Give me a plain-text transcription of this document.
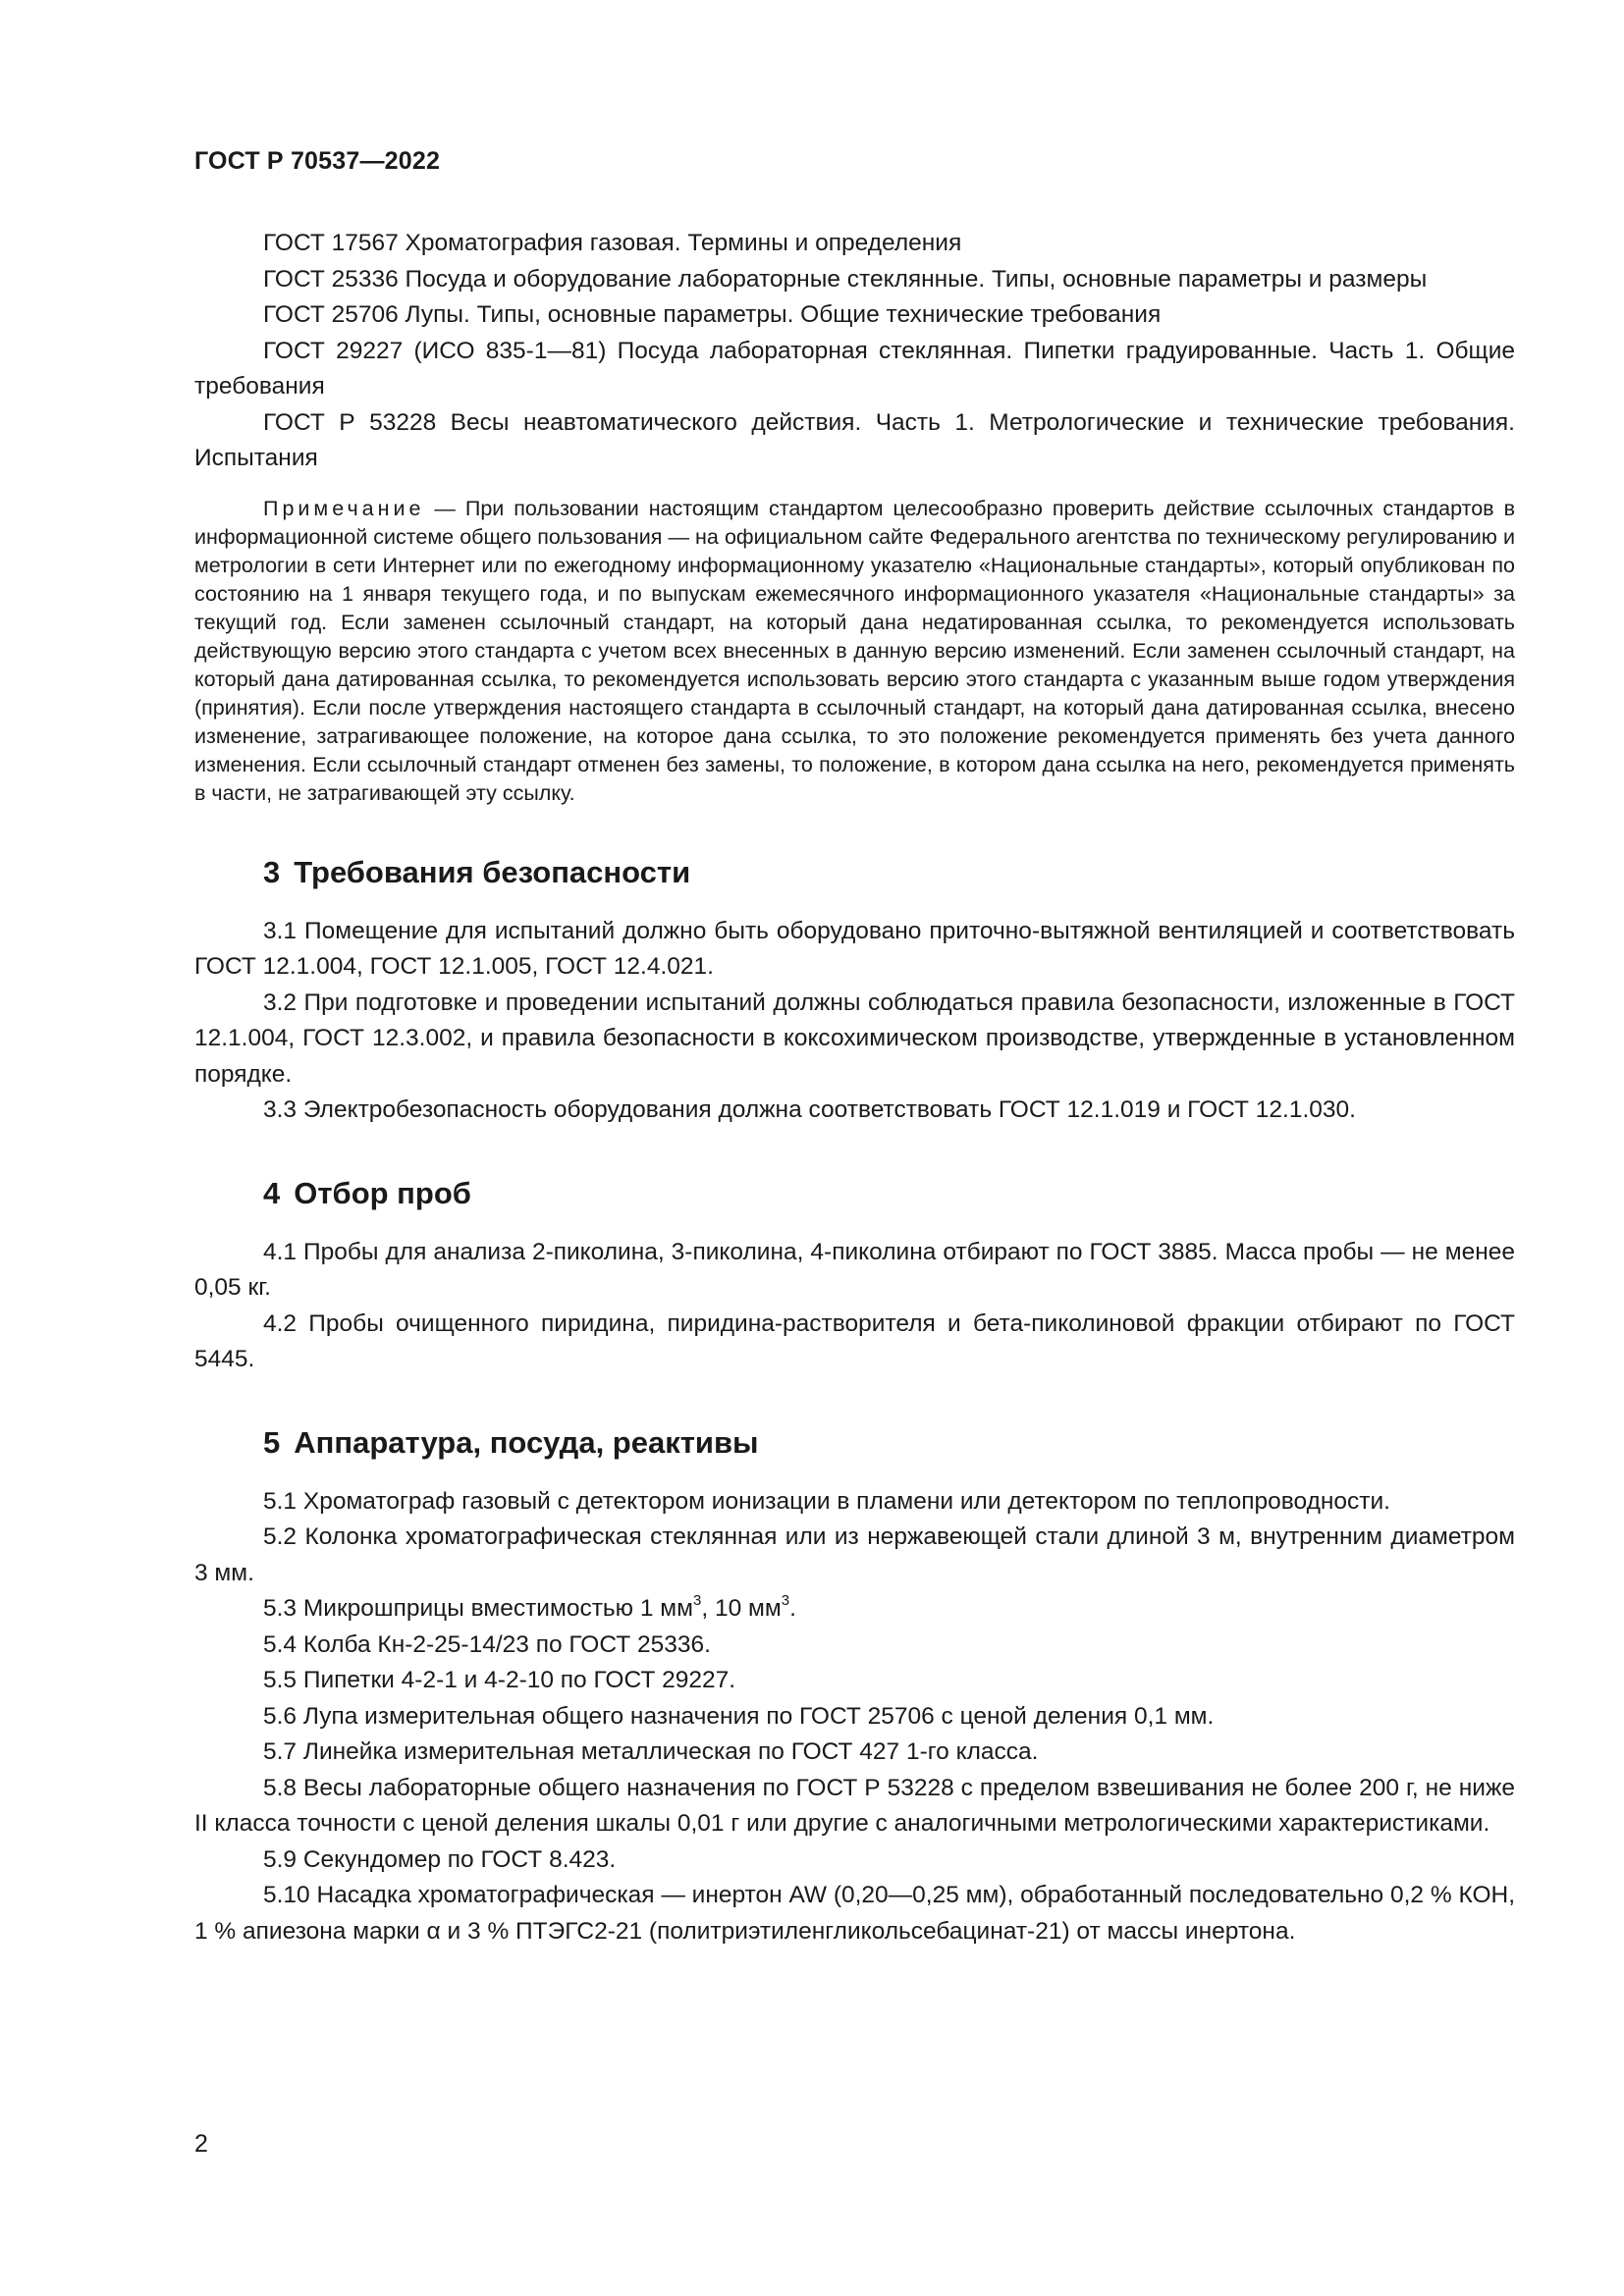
ГОСТ Р 70537—2022

ГОСТ 17567 Хроматография газовая. Термины и определения

ГОСТ 25336 Посуда и оборудование лабораторные стеклянные. Типы, основные параметры и размеры

ГОСТ 25706 Лупы. Типы, основные параметры. Общие технические требования

ГОСТ 29227 (ИСО 835-1—81) Посуда лабораторная стеклянная. Пипетки градуированные. Часть 1. Общие требования

ГОСТ Р 53228 Весы неавтоматического действия. Часть 1. Метрологические и технические требования. Испытания

Примечание — При пользовании настоящим стандартом целесообразно проверить действие ссылочных стандартов в информационной системе общего пользования — на официальном сайте Федерального агентства по техническому регулированию и метрологии в сети Интернет или по ежегодному информационному указателю «Национальные стандарты», который опубликован по состоянию на 1 января текущего года, и по выпускам ежемесячного информационного указателя «Национальные стандарты» за текущий год. Если заменен ссылочный стандарт, на который дана недатированная ссылка, то рекомендуется использовать действующую версию этого стандарта с учетом всех внесенных в данную версию изменений. Если заменен ссылочный стандарт, на который дана датированная ссылка, то рекомендуется использовать версию этого стандарта с указанным выше годом утверждения (принятия). Если после утверждения настоящего стандарта в ссылочный стандарт, на который дана датированная ссылка, внесено изменение, затрагивающее положение, на которое дана ссылка, то это положение рекомендуется применять без учета данного изменения. Если ссылочный стандарт отменен без замены, то положение, в котором дана ссылка на него, рекомендуется применять в части, не затрагивающей эту ссылку.

3 Требования безопасности

3.1 Помещение для испытаний должно быть оборудовано приточно-вытяжной вентиляцией и соответствовать ГОСТ 12.1.004, ГОСТ 12.1.005, ГОСТ 12.4.021.

3.2 При подготовке и проведении испытаний должны соблюдаться правила безопасности, изложенные в ГОСТ 12.1.004, ГОСТ 12.3.002, и правила безопасности в коксохимическом производстве, утвержденные в установленном порядке.

3.3 Электробезопасность оборудования должна соответствовать ГОСТ 12.1.019 и ГОСТ 12.1.030.

4 Отбор проб

4.1 Пробы для анализа 2-пиколина, 3-пиколина, 4-пиколина отбирают по ГОСТ 3885. Масса пробы — не менее 0,05 кг.

4.2 Пробы очищенного пиридина, пиридина-растворителя и бета-пиколиновой фракции отбирают по ГОСТ 5445.

5 Аппаратура, посуда, реактивы

5.1 Хроматограф газовый с детектором ионизации в пламени или детектором по теплопроводности.

5.2 Колонка хроматографическая стеклянная или из нержавеющей стали длиной 3 м, внутренним диаметром 3 мм.

5.3 Микрошприцы вместимостью 1 $мм^3$, 10 $мм^3$.

5.4 Колба Кн-2-25-14/23 по ГОСТ 25336.

5.5 Пипетки 4-2-1 и 4-2-10 по ГОСТ 29227.

5.6 Лупа измерительная общего назначения по ГОСТ 25706 с ценой деления 0,1 мм.

5.7 Линейка измерительная металлическая по ГОСТ 427 1-го класса.

5.8 Весы лабораторные общего назначения по ГОСТ Р 53228 с пределом взвешивания не более 200 г, не ниже II класса точности с ценой деления шкалы 0,01 г или другие с аналогичными метрологическими характеристиками.

5.9 Секундомер по ГОСТ 8.423.

5.10 Насадка хроматографическая — инертон AW (0,20—0,25 мм), обработанный последовательно 0,2 % КОН, 1 % апиезона марки α и 3 % ПТЭГС2-21 (политриэтиленгликольсебацинат-21) от массы инертона.

2
